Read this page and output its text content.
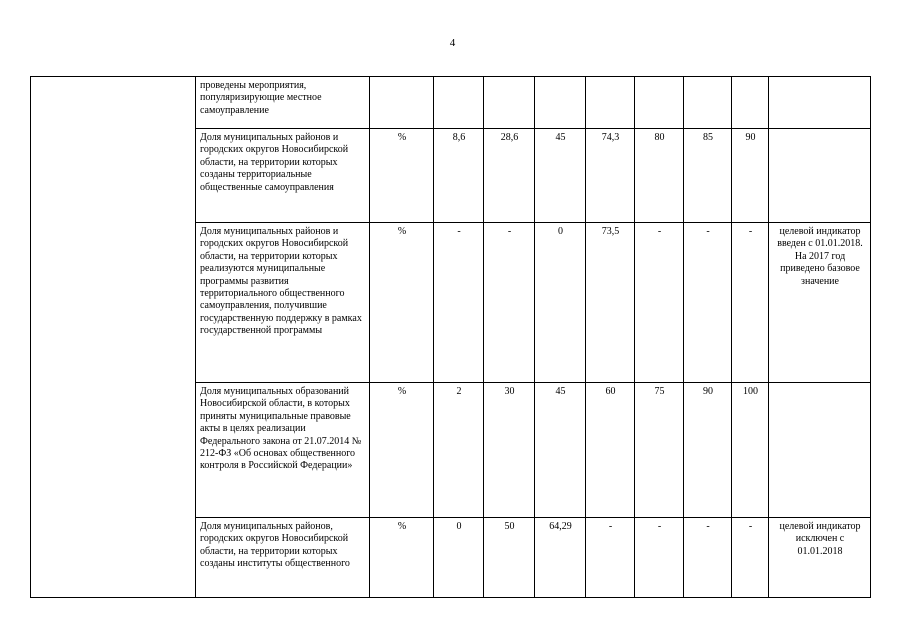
4
	проведены мероприятия, популяризирующие местное самоуправление									
	Доля муниципальных районов и городских округов Новосибирской области, на территории которых созданы территориальные общественные самоуправления	%	8,6	28,6	45	74,3	80	85	90	
	Доля муниципальных районов и городских округов Новосибирской области, на территории которых реализуются муниципальные программы развития территориального общественного самоуправления, получившие государственную поддержку в рамках государственной программы	%	-	-	0	73,5	-	-	-	целевой индикатор введен с 01.01.2018. На 2017 год приведено базовое значение
	Доля муниципальных образований Новосибирской области, в которых приняты муниципальные правовые акты в целях реализации Федерального закона от 21.07.2014 № 212-ФЗ «Об основах общественного контроля в Российской Федерации»	%	2	30	45	60	75	90	100	
	Доля муниципальных районов, городских округов Новосибирской области, на территории которых созданы институты общественного	%	0	50	64,29	-	-	-	-	целевой индикатор исключен с 01.01.2018
